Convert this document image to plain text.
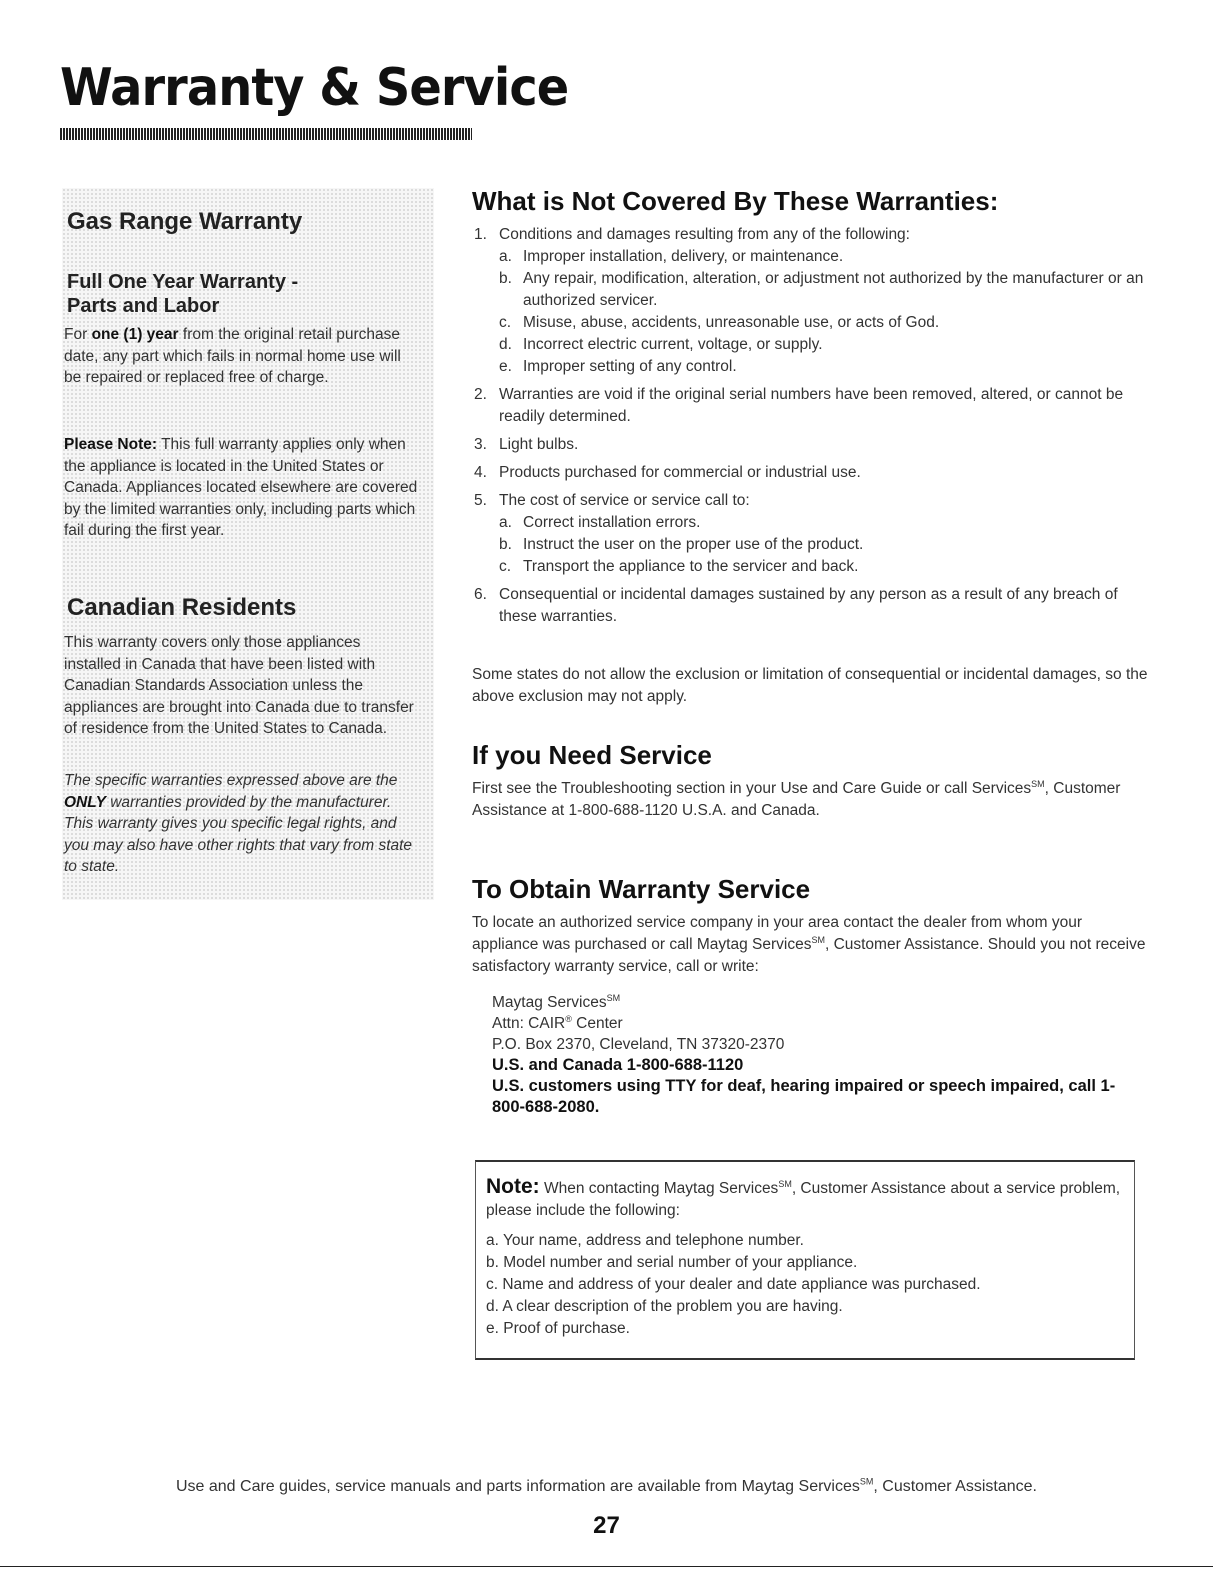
Warranty & Service
Gas Range Warranty
Full One Year Warranty -
Parts and Labor

For one (1) year from the original retail purchase date, any part which fails in normal home use will be repaired or replaced free of charge.

Please Note: This full warranty applies only when the appliance is located in the United States or Canada. Appliances located elsewhere are covered by the limited warranties only, including parts which fail during the first year.

Canadian Residents

This warranty covers only those appliances installed in Canada that have been listed with Canadian Standards Association unless the appliances are brought into Canada due to transfer of residence from the United States to Canada.

The specific warranties expressed above are the ONLY warranties provided by the manufacturer. This warranty gives you specific legal rights, and you may also have other rights that vary from state to state.

What is Not Covered By These Warranties:
1. Conditions and damages resulting from any of the following:
a. Improper installation, delivery, or maintenance.
b. Any repair, modification, alteration, or adjustment not authorized by the manufacturer or an authorized servicer.
c. Misuse, abuse, accidents, unreasonable use, or acts of God.
d. Incorrect electric current, voltage, or supply.
e. Improper setting of any control.
2. Warranties are void if the original serial numbers have been removed, altered, or cannot be readily determined.
3. Light bulbs.
4. Products purchased for commercial or industrial use.
5. The cost of service or service call to:
a. Correct installation errors.
b. Instruct the user on the proper use of the product.
c. Transport the appliance to the servicer and back.
6. Consequential or incidental damages sustained by any person as a result of any breach of these warranties.

Some states do not allow the exclusion or limitation of consequential or incidental damages, so the above exclusion may not apply.

If you Need Service

First see the Troubleshooting section in your Use and Care Guide or call Services℠, Customer Assistance at 1-800-688-1120 U.S.A. and Canada.

To Obtain Warranty Service

To locate an authorized service company in your area contact the dealer from whom your appliance was purchased or call Maytag Services℠, Customer Assistance. Should you not receive satisfactory warranty service, call or write:

Maytag Services℠
Attn: CAIR® Center
P.O. Box 2370, Cleveland, TN 37320-2370
U.S. and Canada 1-800-688-1120
U.S. customers using TTY for deaf, hearing impaired or speech impaired, call 1-800-688-2080.
Note: When contacting Maytag Services℠, Customer Assistance about a service problem, please include the following:
a. Your name, address and telephone number.
b. Model number and serial number of your appliance.
c. Name and address of your dealer and date appliance was purchased.
d. A clear description of the problem you are having.
e. Proof of purchase.
Use and Care guides, service manuals and parts information are available from Maytag Services℠, Customer Assistance.
27
